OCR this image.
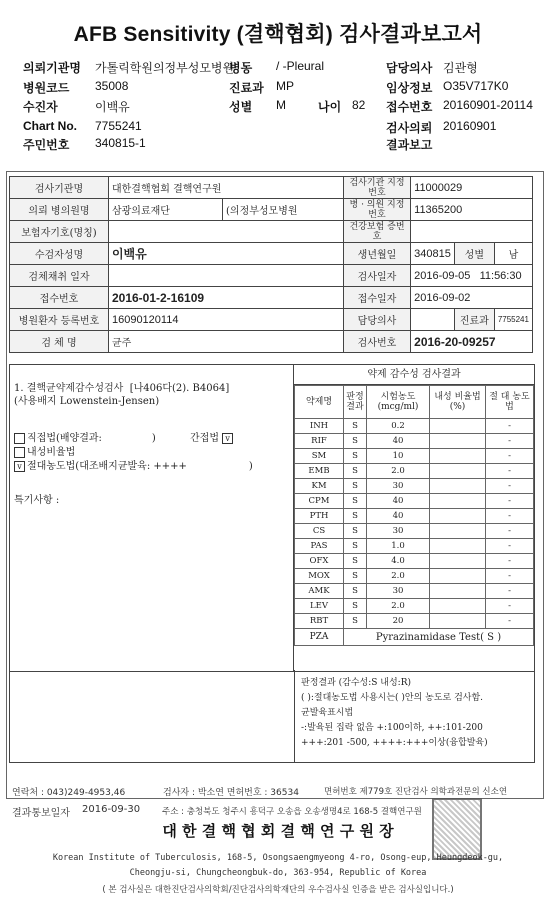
AFB Sensitivity (결핵협회) 검사결과보고서
의뢰기관명 가톨릭학원의정부성모병원
병동 / -Pleural	담당의사 김관형
병원코드 35008	진료과 MP	임상정보 O35V717K0
수진자	이백유	성별 M	나이 82 접수번호 20160901-20114
Chart No. 7755241	검사의뢰 20160901
주민번호 340815-1	결과보고
검사기관명	대한결핵협회 결핵연구원		검사기관 지정번호	11000029		
의뢰 병의원명	삼광의료재단	(의정부성모병원	병 · 의원 지정번호	11365200		
보험자기호(명칭)			건강보험 증번호			
수검자성명	이백유		생년월일	340815	성별	남
검체채취 일자			검사일자	2016-09-05 11:56:30		
접수번호	2016-01-2-16109		접수일자	2016-09-02		
병원환자 등록번호	16090120114		담당의사		진료과	7755241
검 체 명	균주		검사번호	2016-20-09257		
1. 결핵균약제감수성검사 [나406다(2). B4064]
(사용배지 Lowenstein-Jensen)
직접법(배양결과:	)	간접법 v
내성비율법
v 절대농도법(대조배지균발육: ++++	)
특기사항 :
약제 감수성 검사결과
약제명	판정 결과	시험농도 (mcg/ml)	내성 비율법(%)	절 대 농도법
INH	S	0.2		-
RIF	S	40		-
SM	S	10		-
EMB	S	2.0		-
KM	S	30		-
CPM	S	40		-
PTH	S	40		-
CS	S	30		-
PAS	S	1.0		-
OFX	S	4.0		-
MOX	S	2.0		-
AMK	S	30		-
LEV	S	2.0		-
RBT	S	20		-
PZA	Pyrazinamidase Test( S )			
판정결과 (감수성:S 내성:R)
( ):절대농도법 사용시는( )안의 농도로 검사함.
균발육표시법
-:발육된 집락 없음 +:100이하, ++:101-200
+++:201 -500, ++++:+++이상(융합발육)
연락처 : 043)249-4953,46	검사자 : 박소연 면허번호 : 36534	면허번호 제779호 진단검사 의학과전문의 신소연
결과통보일자 2016-09-30	주소 : 충청북도 청주시 흥덕구 오송읍 오송생명4로 168-5 결핵연구원
대 한 결 핵 협 회 결 핵 연 구 원 장
Korean Institute of Tuberculosis, 168-5, Osongsaengmyeong 4-ro, Osong-eup, Heungdeok-gu,
Cheongju-si, Chungcheongbuk-do, 363-954, Republic of Korea
( 본 검사실은 대한진단검사의학회/진단검사의학재단의 우수검사실 인증을 받은 검사실입니다.)
